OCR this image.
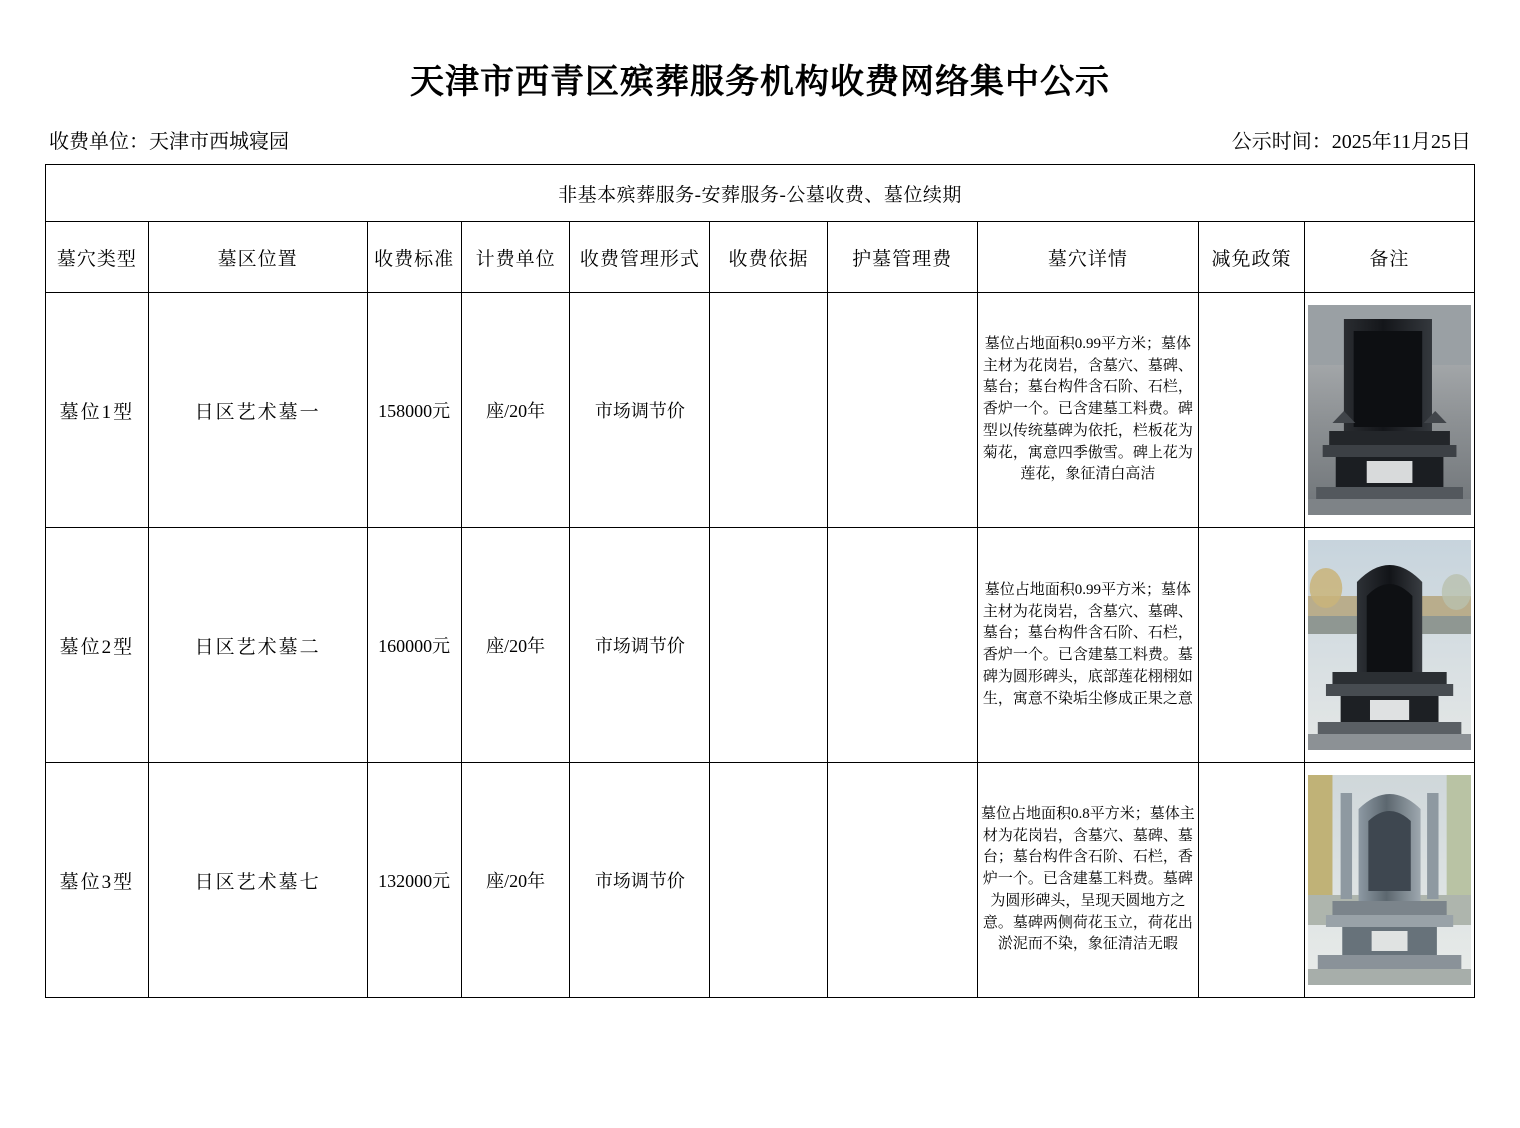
天津市西青区殡葬服务机构收费网络集中公示
收费单位：天津市西城寝园	公示时间：2025年11月25日
非基本殡葬服务-安葬服务-公墓收费、墓位续期									
墓穴类型	墓区位置	收费标准	计费单位	收费管理形式	收费依据	护墓管理费	墓穴详情	减免政策	备注
墓位1型	日区艺术墓一	158000元	座/20年	市场调节价			墓位占地面积0.99平方米；墓体主材为花岗岩，含墓穴、墓碑、墓台；墓台构件含石阶、石栏，香炉一个。已含建墓工料费。碑型以传统墓碑为依托，栏板花为菊花，寓意四季傲雪。碑上花为莲花，象征清白高洁		

墓位2型	日区艺术墓二	160000元	座/20年	市场调节价			墓位占地面积0.99平方米；墓体主材为花岗岩，含墓穴、墓碑、墓台；墓台构件含石阶、石栏，香炉一个。已含建墓工料费。墓碑为圆形碑头，底部莲花栩栩如生，寓意不染垢尘修成正果之意		

墓位3型	日区艺术墓七	132000元	座/20年	市场调节价			墓位占地面积0.8平方米；墓体主材为花岗岩，含墓穴、墓碑、墓台；墓台构件含石阶、石栏，香炉一个。已含建墓工料费。墓碑为圆形碑头，呈现天圆地方之意。墓碑两侧荷花玉立，荷花出淤泥而不染，象征清洁无暇		
